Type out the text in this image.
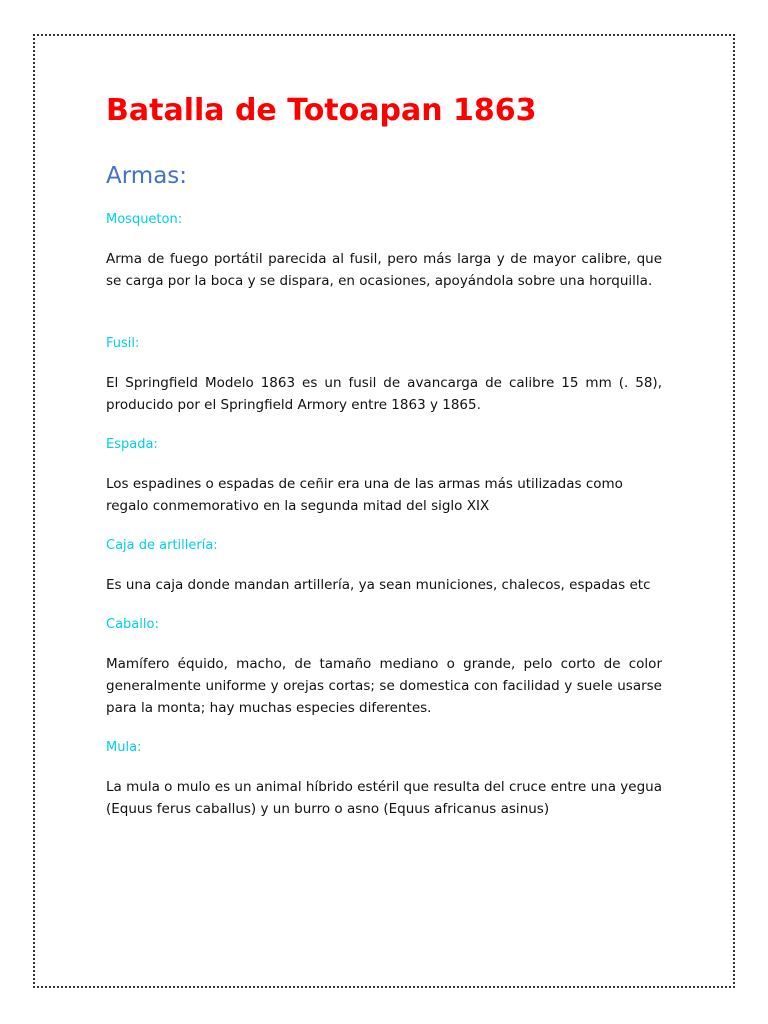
Batalla de Totoapan 1863
Armas:
Mosqueton:

Arma de fuego portátil parecida al fusil, pero más larga y de mayor calibre, que se carga por la boca y se dispara, en ocasiones, apoyándola sobre una horquilla.

Fusil:

El Springfield Modelo 1863 es un fusil de avancarga de calibre 15 mm (. 58), producido por el Springfield Armory entre 1863 y 1865.

Espada:

Los espadines o espadas de ceñir era una de las armas más utilizadas como regalo conmemorativo en la segunda mitad del siglo XIX

Caja de artillería:

Es una caja donde mandan artillería, ya sean municiones, chalecos, espadas etc

Caballo:

Mamífero équido, macho, de tamaño mediano o grande, pelo corto de color generalmente uniforme y orejas cortas; se domestica con facilidad y suele usarse para la monta; hay muchas especies diferentes.

Mula:

La mula o mulo es un animal híbrido estéril que resulta del cruce entre una yegua (Equus ferus caballus) y un burro o asno (Equus africanus asinus)
